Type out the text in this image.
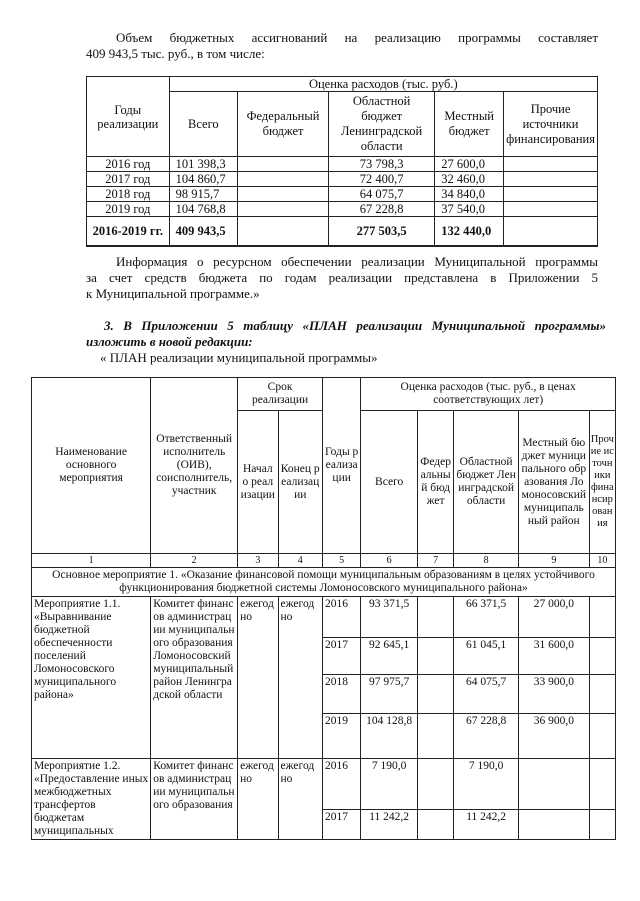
Объем бюджетных ассигнований на реализацию программы составляет
409 943,5 тыс. руб., в том числе:
Годы реализации	Оценка расходов (тыс. руб.)				
	Всего	Федеральный бюджет	Областной бюджет Ленинградской области	Местный бюджет	Прочие источники финансирования
2016 год	101 398,3		73 798,3	27 600,0	
2017 год	104 860,7		72 400,7	32 460,0	
2018 год	98 915,7		64 075,7	34 840,0	
2019 год	104 768,8		67 228,8	37 540,0	
2016-2019 гг.	409 943,5		277 503,5	132 440,0	
Информация о ресурсном обеспечении реализации Муниципальной программы
за счет средств бюджета по годам реализации представлена в Приложении 5
к Муниципальной программе.»
3. В Приложении 5 таблицу «ПЛАН реализации Муниципальной программы»
изложить в новой редакции:
« ПЛАН реализации муниципальной программы»
Наименование основного мероприятия	Ответственный исполнитель (ОИВ), соисполнитель, участник	Срок реализации		Годы реализации	Оценка расходов (тыс. руб., в ценах соответствующих лет)				
		Начало реализации	Конец реализации		Всего	Федеральный бюджет	Областной бюджет Ленинградской области	Местный бюджет муниципального образования Ломоносовский муниципальный район	Прочие источники финансирования
1	2	3	4	5	6	7	8	9	10
Основное мероприятие 1. «Оказание финансовой помощи муниципальным образованиям в целях устойчивого функционирования бюджетной системы Ломоносовского муниципального района»									
Мероприятие 1.1. «Выравнивание бюджетной обеспеченности поселений Ломоносовского муниципального района»	Комитет финансов администрации муниципального образования Ломоносовский муниципальный район Ленинградской области	ежегодно	ежегодно	2016	93 371,5		66 371,5	27 000,0	
				2017	92 645,1		61 045,1	31 600,0	
				2018	97 975,7		64 075,7	33 900,0	
				2019	104 128,8		67 228,8	36 900,0	
Мероприятие 1.2. «Предоставление иных межбюджетных трансфертов бюджетам муниципальных	Комитет финансов администрации муниципального образования	ежегодно	ежегодно	2016	7 190,0		7 190,0		
				2017	11 242,2		11 242,2		
